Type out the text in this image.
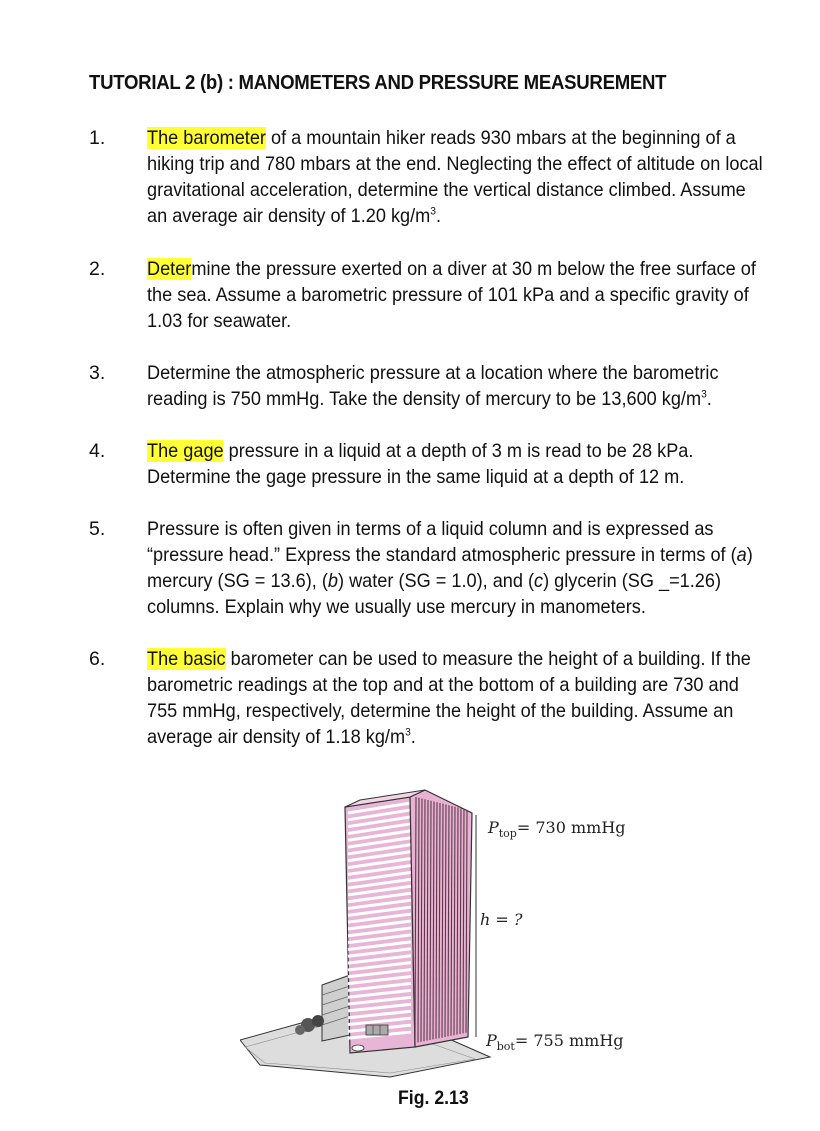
TUTORIAL 2 (b) : MANOMETERS AND PRESSURE MEASUREMENT
1. The barometer of a mountain hiker reads 930 mbars at the beginning of a
hiking trip and 780 mbars at the end. Neglecting the effect of altitude on local
gravitational acceleration, determine the vertical distance climbed. Assume
an average air density of 1.20 $kg/m^3$.
2. Determine the pressure exerted on a diver at 30 m below the free surface of
the sea. Assume a barometric pressure of 101 kPa and a specific gravity of
1.03 for seawater.
3. Determine the atmospheric pressure at a location where the barometric
reading is 750 mmHg. Take the density of mercury to be 13,600 $kg/m^3$.
4. The gage pressure in a liquid at a depth of 3 m is read to be 28 kPa.
Determine the gage pressure in the same liquid at a depth of 12 m.
5. Pressure is often given in terms of a liquid column and is expressed as
“pressure head.” Express the standard atmospheric pressure in terms of (a)
mercury (SG = 13.6), (b) water (SG = 1.0), and (c) glycerin (SG _=1.26)
columns. Explain why we usually use mercury in manometers.
6. The basic barometer can be used to measure the height of a building. If the
barometric readings at the top and at the bottom of a building are 730 and
755 mmHg, respectively, determine the height of the building. Assume an
average air density of 1.18 $kg/m^3$.
$P_{top}= 730$ mmHg
h = ?
$P_{bot}= 755$ mmHg
Fig. 2.13
